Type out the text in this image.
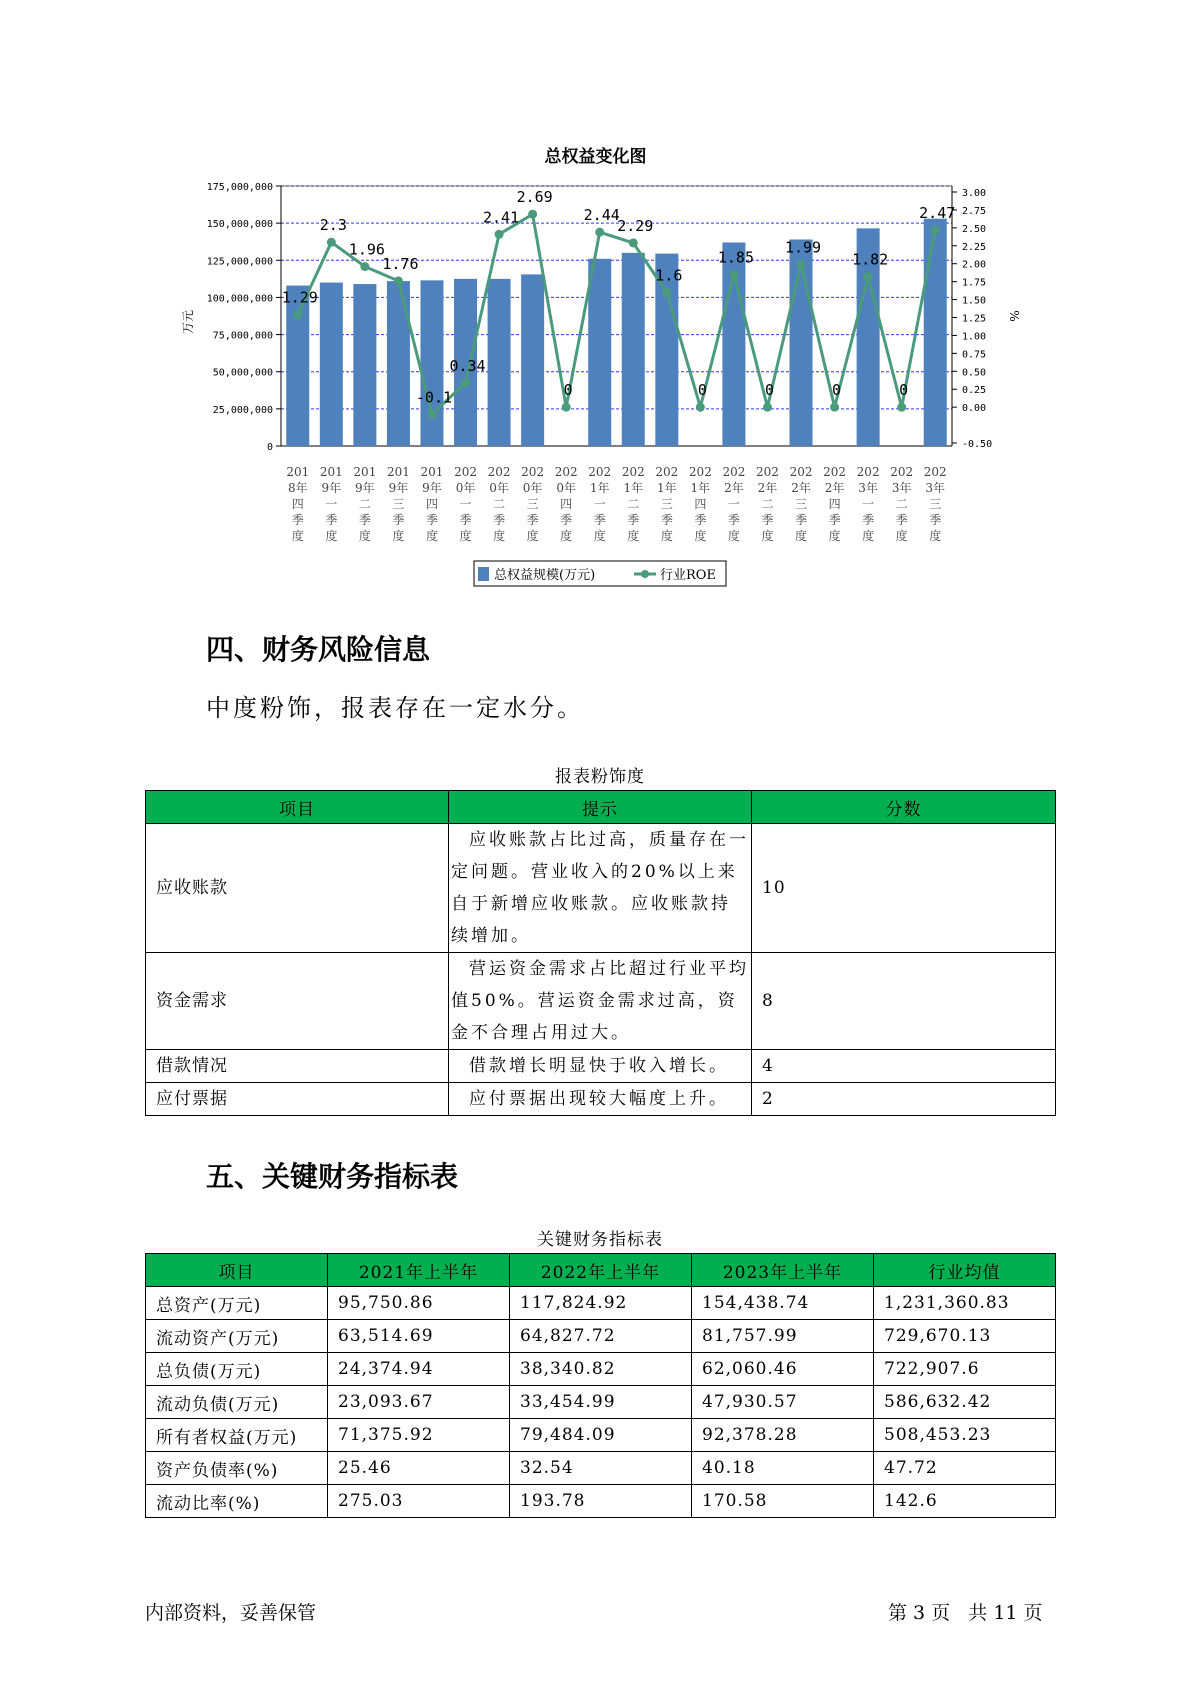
总权益变化图
0
25,000,000
50,000,000
75,000,000
100,000,000
125,000,000
150,000,000
175,000,000
-0.50
0.00
0.25
0.50
0.75
1.00
1.25
1.50
1.75
2.00
2.25
2.50
2.75
3.00
万元	%
201 8年四季度
201 9年一季度
201 9年二季度
201 9年三季度
201 9年四季度
202 0年一季度
202 0年二季度
202 0年三季度
202 0年四季度
202 1年一季度
202 1年二季度
202 1年三季度
202 1年四季度
202 2年一季度
202 2年二季度
202 2年三季度
202 2年四季度
202 3年一季度
202 3年二季度
202 3年三季度
1.29
2.3
1.96
1.76
-0.1
0.34
2.41
2.69
0
2.44
2.29
1.6
0
1.85
0
1.99
0
1.82
0
2.47
总权益规模(万元)	行业ROE
四、财务风险信息
中度粉饰，报表存在一定水分。
报表粉饰度
项目	提示	分数
应收账款	　应收账款占比过高，质量存在一定问题。营业收入的20%以上来自于新增应收账款。应收账款持续增加。	10
资金需求	　营运资金需求占比超过行业平均值50%。营运资金需求过高，资金不合理占用过大。	8
借款情况	　借款增长明显快于收入增长。	4
应付票据	　应付票据出现较大幅度上升。	2
五、关键财务指标表
关键财务指标表
项目	2021年上半年	2022年上半年	2023年上半年	行业均值
总资产(万元)	95,750.86	117,824.92	154,438.74	1,231,360.83
流动资产(万元)	63,514.69	64,827.72	81,757.99	729,670.13
总负债(万元)	24,374.94	38,340.82	62,060.46	722,907.6
流动负债(万元)	23,093.67	33,454.99	47,930.57	586,632.42
所有者权益(万元)	71,375.92	79,484.09	92,378.28	508,453.23
资产负债率(%)	25.46	32.54	40.18	47.72
流动比率(%)	275.03	193.78	170.58	142.6
内部资料，妥善保管	第 3 页   共 11 页
